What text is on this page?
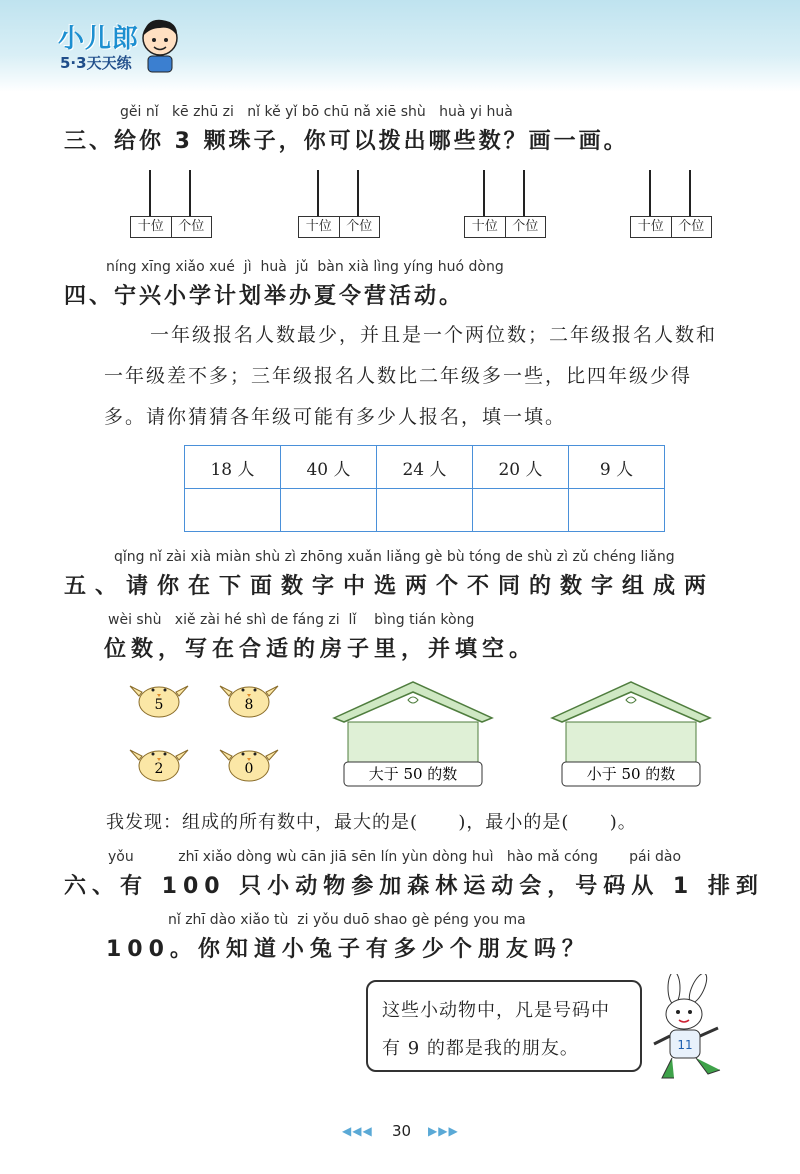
小儿郎
5·3天天练
gěi nǐ   kē zhū zi   nǐ kě yǐ bō chū nǎ xiē shù   huà yi huà
三、给你 3 颗珠子，你可以拨出哪些数？画一画。
十位	个位	十位	个位	十位	个位	十位	个位
níng xīng xiǎo xué  jì  huà  jǔ  bàn xià lìng yíng huó dòng
四、宁兴小学计划举办夏令营活动。
一年级报名人数最少，并且是一个两位数；二年级报名人数和
一年级差不多；三年级报名人数比二年级多一些，比四年级少得
多。请你猜猜各年级可能有多少人报名，填一填。
18 人	40 人	24 人	20 人	9 人

qǐng nǐ zài xià miàn shù zì zhōng xuǎn liǎng gè bù tóng de shù zì zǔ chéng liǎng
五、请你在下面数字中选两个不同的数字组成两
wèi shù   xiě zài hé shì de fáng zi  lǐ    bìng tián kòng
位数，写在合适的房子里，并填空。
5	8
2	0	大于 50 的数	小于 50 的数
我发现：组成的所有数中，最大的是(      )，最小的是(      )。
yǒu          zhī xiǎo dòng wù cān jiā sēn lín yùn dòng huì   hào mǎ cóng       pái dào
六、有 100 只小动物参加森林运动会，号码从 1 排到
nǐ zhī dào xiǎo tù  zi yǒu duō shao gè péng you ma
100。你知道小兔子有多少个朋友吗？
这些小动物中，凡是号码中
有 9 的都是我的朋友。	11
◀◀◀ 30 ▶▶▶
